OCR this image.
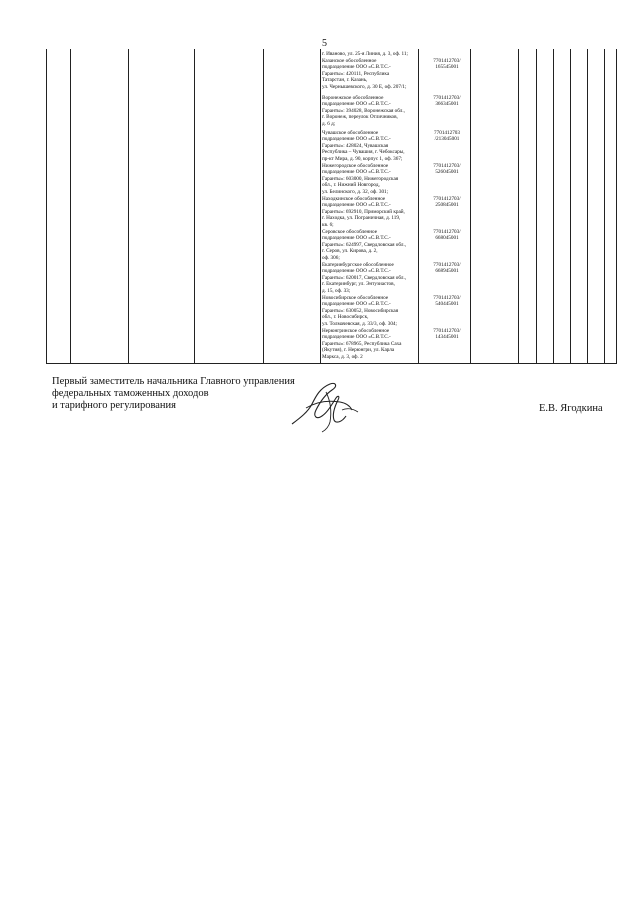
5
г. Иваново, ул. 25-я Линия, д. 3, оф. 11;
Казанское обособленное
подразделение ООО «С.В.Т.С.-
Гаранты»: 420111, Республика
Татарстан, г. Казань,
ул. Чернышевского, д. 30 Е, оф. 207/1;
Воронежское обособленное
подразделение ООО «С.В.Т.С.-
Гаранты»: 394028, Воронежская обл.,
г. Воронеж, переулок Отличников,
д. 6 д;
Чувашское обособленное
подразделение ООО «С.В.Т.С.-
Гаранты»: 428024, Чувашская
Республика – Чувашия, г. Чебоксары,
пр-кт Мира, д. 90, корпус 1, оф. 367;
Нижегородское обособленное
подразделение ООО «С.В.Т.С.-
Гаранты»: 603000, Нижегородская
обл., г. Нижний Новгород,
ул. Белинского, д. 32, оф. 301;
Находкинское обособленное
подразделение ООО «С.В.Т.С.-
Гаранты»: 692910, Приморский край,
г. Находка, ул. Пограничная, д. 119,
кв. 6;
Серовское обособленное
подразделение ООО «С.В.Т.С.-
Гаранты»: 624997, Свердловская обл.,
г. Серов, ул. Кирова, д. 2,
оф. 306;
Екатеринбургское обособленное
подразделение ООО «С.В.Т.С.-
Гаранты»: 620017, Свердловская обл.,
г. Екатеринбург, ул. Энтузиастов,
д. 15, оф. 33;
Новосибирское обособленное
подразделение ООО «С.В.Т.С.-
Гаранты»: 630052, Новосибирская
обл., г. Новосибирск,
ул. Толмачевская, д. 33/3, оф. 304;
Нерюнгринское обособленное
подразделение ООО «С.В.Т.С.-
Гаранты»: 678965, Республика Саха
(Якутия), г. Нерюнгри, ул. Карла
Маркса, д. 3, оф. 2
7701412703/
165545001
7701412703/
366345001
7701412703
/213045001
7701412703/
526045001
7701412703/
250845001
7701412703/
668045001
7701412703/
668945001
7701412703/
540445001
7701412703/
143445001
Первый заместитель начальника Главного управления
федеральных таможенных доходов
и тарифного регулирования	Е.В. Ягодкина
